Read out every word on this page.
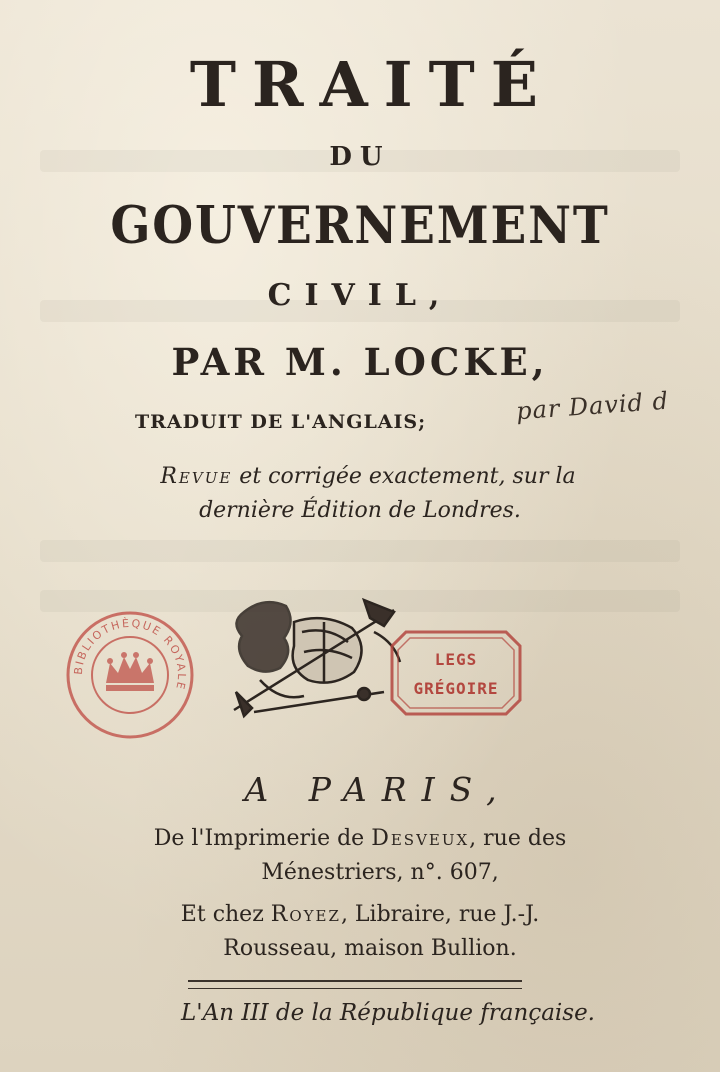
TRAITÉ
DU
GOUVERNEMENT
CIVIL,
PAR M. LOCKE,
TRADUIT DE L'ANGLAIS;	par David d
Revue et corrigée exactement, sur la
dernière Édition de Londres.
BIBLIOTHÈQUE ROYALE
LEGS
GRÉGOIRE
A PARIS,
De l'Imprimerie de Desveux, rue des
Ménestriers, n°. 607,
Et chez Royez, Libraire, rue J.-J.
Rousseau, maison Bullion.
L'An III de la République française.
